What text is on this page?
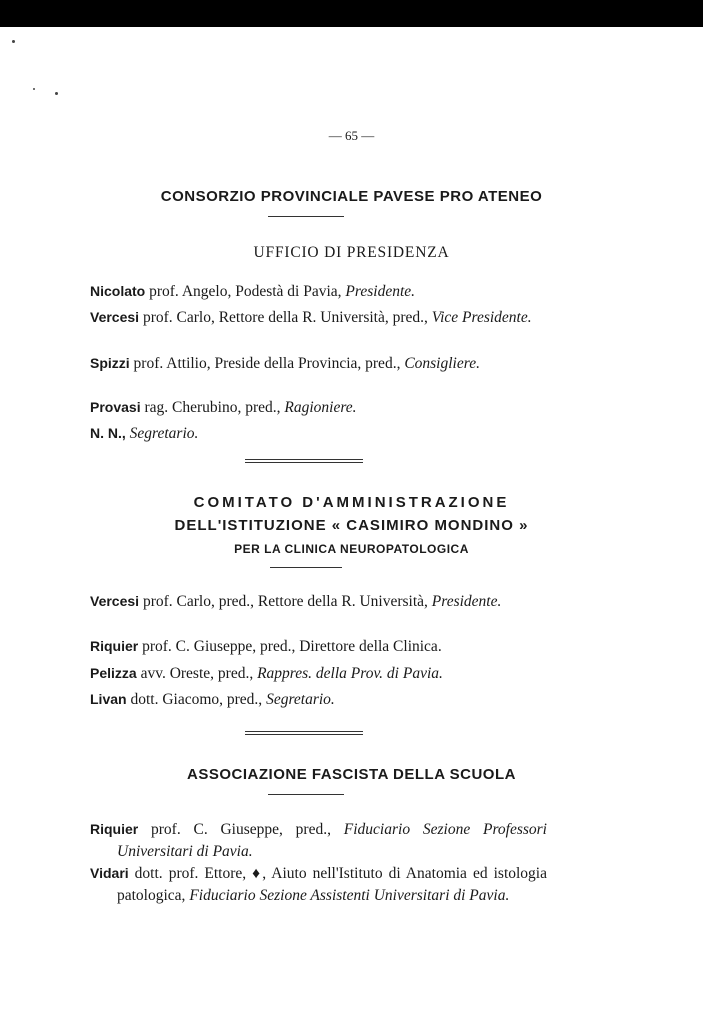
— 65 —
CONSORZIO PROVINCIALE PAVESE PRO ATENEO
UFFICIO DI PRESIDENZA
Nicolato prof. Angelo, Podestà di Pavia, Presidente.
Vercesi prof. Carlo, Rettore della R. Università, pred., Vice Presidente.
Spizzi prof. Attilio, Preside della Provincia, pred., Consigliere.
Provasi rag. Cherubino, pred., Ragioniere.
N. N., Segretario.
COMITATO D'AMMINISTRAZIONE
DELL'ISTITUZIONE « CASIMIRO MONDINO »
PER LA CLINICA NEUROPATOLOGICA
Vercesi prof. Carlo, pred., Rettore della R. Università, Presidente.
Riquier prof. C. Giuseppe, pred., Direttore della Clinica.
Pelizza avv. Oreste, pred., Rappres. della Prov. di Pavia.
Livan dott. Giacomo, pred., Segretario.
ASSOCIAZIONE FASCISTA DELLA SCUOLA
Riquier prof. C. Giuseppe, pred., Fiduciario Sezione Professori Universitari di Pavia.
Vidari dott. prof. Ettore, ♦, Aiuto nell'Istituto di Anatomia ed istologia patologica, Fiduciario Sezione Assistenti Universitari di Pavia.
